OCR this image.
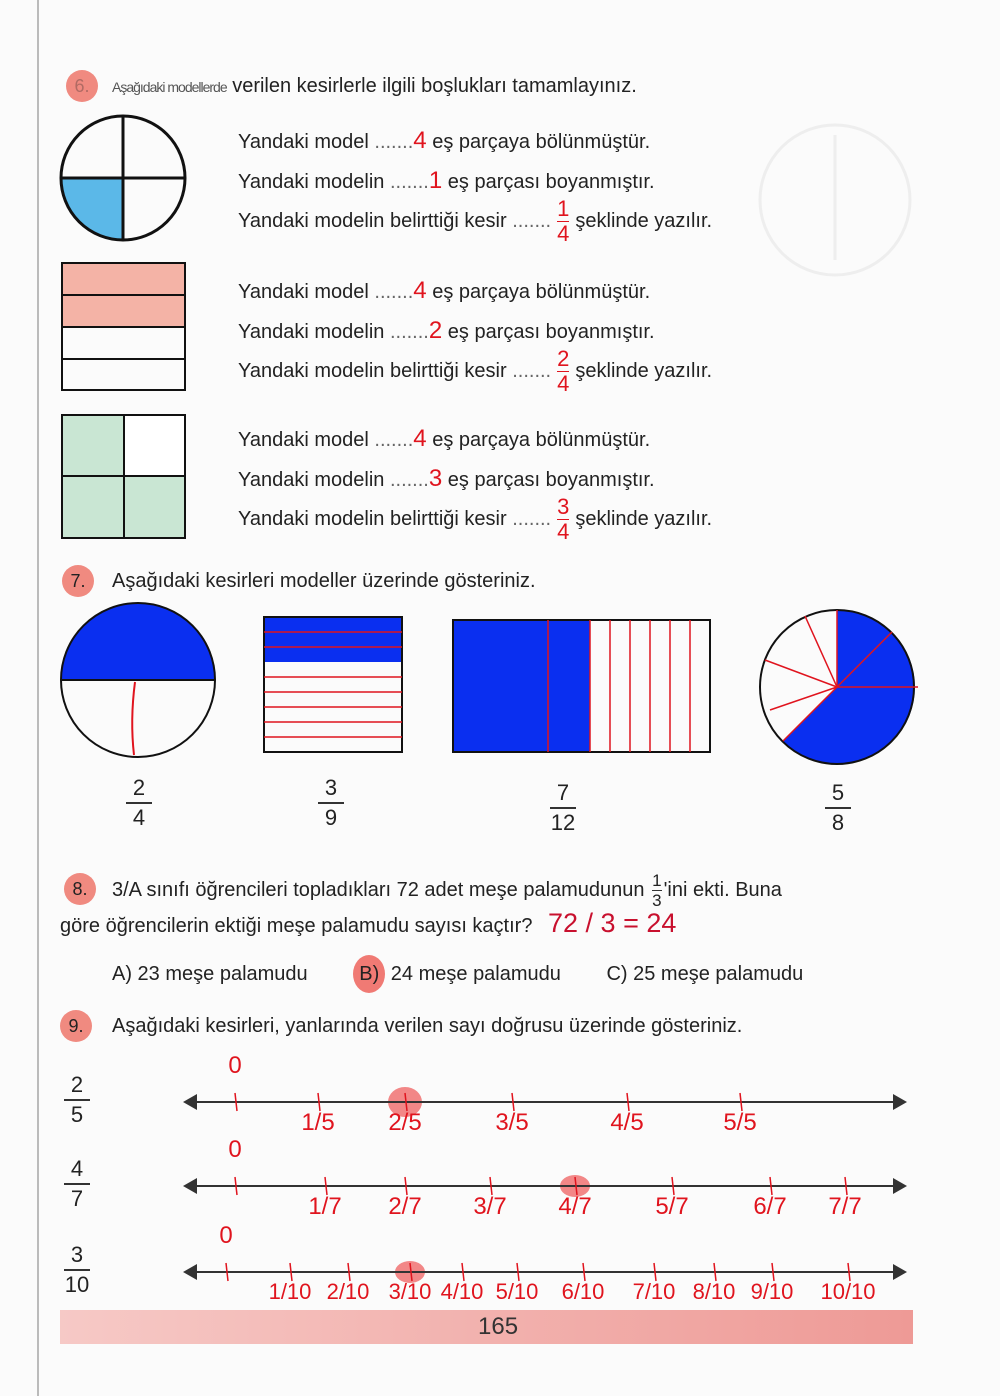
6.	Aşağıdaki modellerde verilen kesirlerle ilgili boşlukları tamamlayınız.
7.	Aşağıdaki kesirleri modeller üzerinde gösteriniz.
8.	3/A sınıfı öğrencileri topladıkları 72 adet meşe palamudunun $\frac{1}{3}$ 'ini ekti. Buna
göre öğrencilerin ektiği meşe palamudu sayısı kaçtır? 72 / 3 = 24
A) 23 meşe palamudu	B) 24 meşe palamudu C) 25 meşe palamudu
9.	Aşağıdaki kesirleri, yanlarında verilen sayı doğrusu üzerinde gösteriniz.
165
Yandaki model .......4 eş parçaya bölünmüştür.
Yandaki modelin .......1 eş parçası boyanmıştır.
Yandaki modelin belirttiği kesir ....... $\frac{1}{4}$ şeklinde yazılır.
Yandaki model .......4 eş parçaya bölünmüştür.
Yandaki modelin .......2 eş parçası boyanmıştır.
Yandaki modelin belirttiği kesir ....... $\frac{2}{4}$ şeklinde yazılır.
Yandaki model .......4 eş parçaya bölünmüştür.
Yandaki modelin .......3 eş parçası boyanmıştır.
Yandaki modelin belirttiği kesir ....... $\frac{3}{4}$ şeklinde yazılır.
2
4
3
9
7
12
5
8
2
5
0
1/5	2/5	3/5	4/5	5/5
4
7
0
1/7	2/7	3/7	4/7	5/7	6/7	7/7
3
10
0
1/10 2/10 3/10 4/10 5/10	6/10	7/10 8/10 9/10	10/10
